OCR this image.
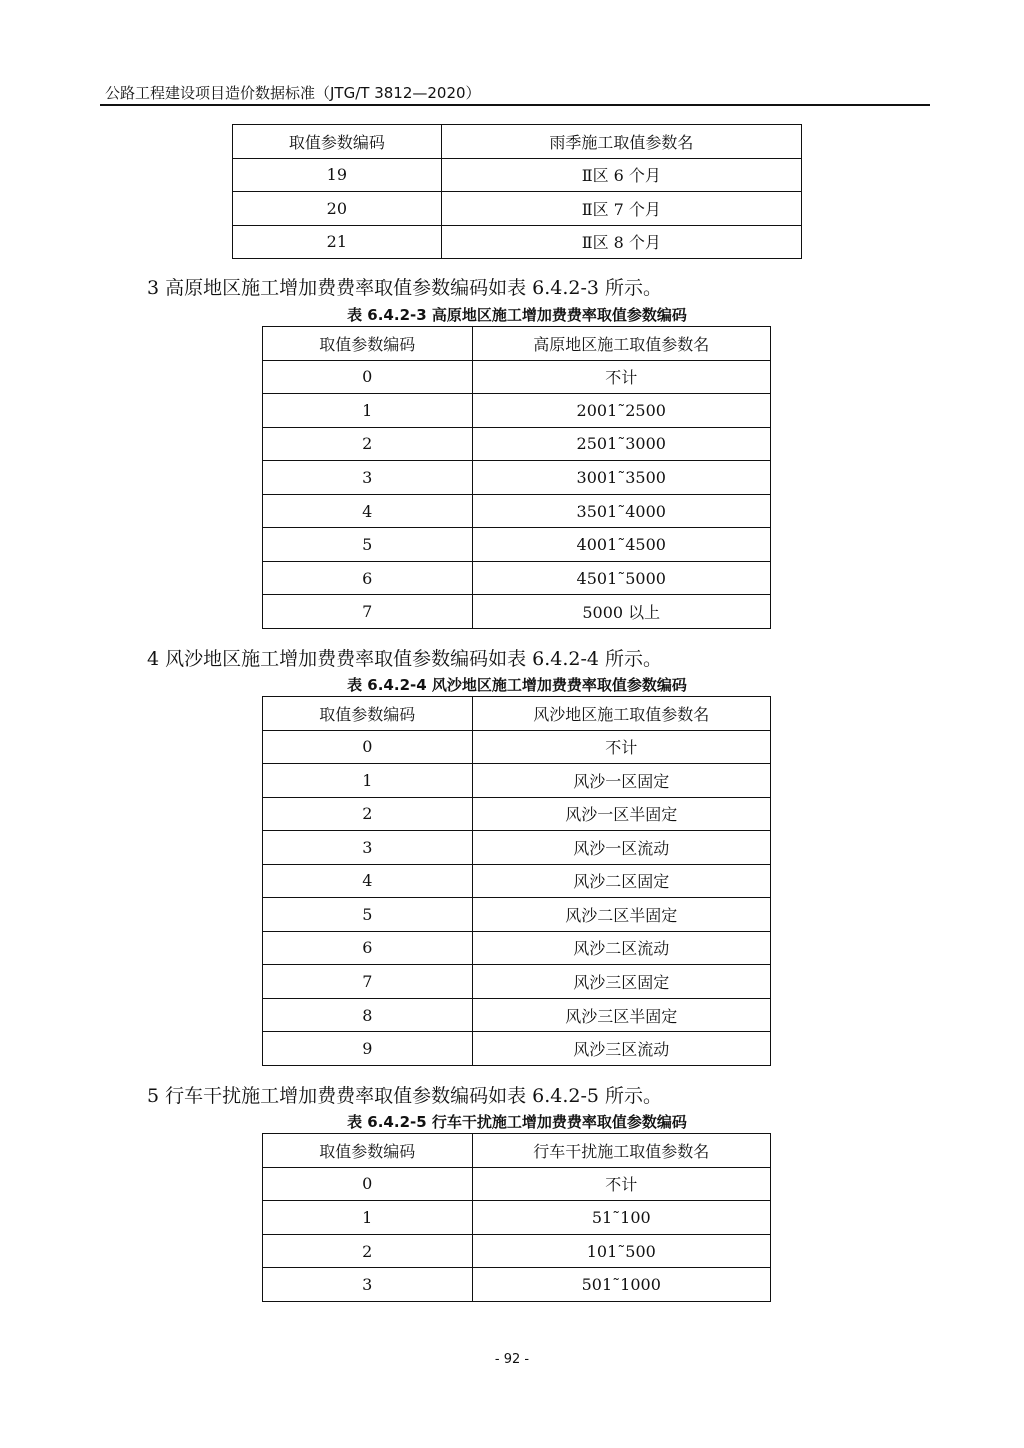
公路工程建设项目造价数据标准（JTG/T 3812—2020）
取值参数编码	雨季施工取值参数名
19	Ⅱ区 6 个月
20	Ⅱ区 7 个月
21	Ⅱ区 8 个月
3 高原地区施工增加费费率取值参数编码如表 6.4.2-3 所示。
表 6.4.2-3 高原地区施工增加费费率取值参数编码
取值参数编码	高原地区施工取值参数名
0	不计
1	2001˜2500
2	2501˜3000
3	3001˜3500
4	3501˜4000
5	4001˜4500
6	4501˜5000
7	5000 以上
4 风沙地区施工增加费费率取值参数编码如表 6.4.2-4 所示。
表 6.4.2-4 风沙地区施工增加费费率取值参数编码
取值参数编码	风沙地区施工取值参数名
0	不计
1	风沙一区固定
2	风沙一区半固定
3	风沙一区流动
4	风沙二区固定
5	风沙二区半固定
6	风沙二区流动
7	风沙三区固定
8	风沙三区半固定
9	风沙三区流动
5 行车干扰施工增加费费率取值参数编码如表 6.4.2-5 所示。
表 6.4.2-5 行车干扰施工增加费费率取值参数编码
取值参数编码	行车干扰施工取值参数名
0	不计
1	51˜100
2	101˜500
3	501˜1000
- 92 -
